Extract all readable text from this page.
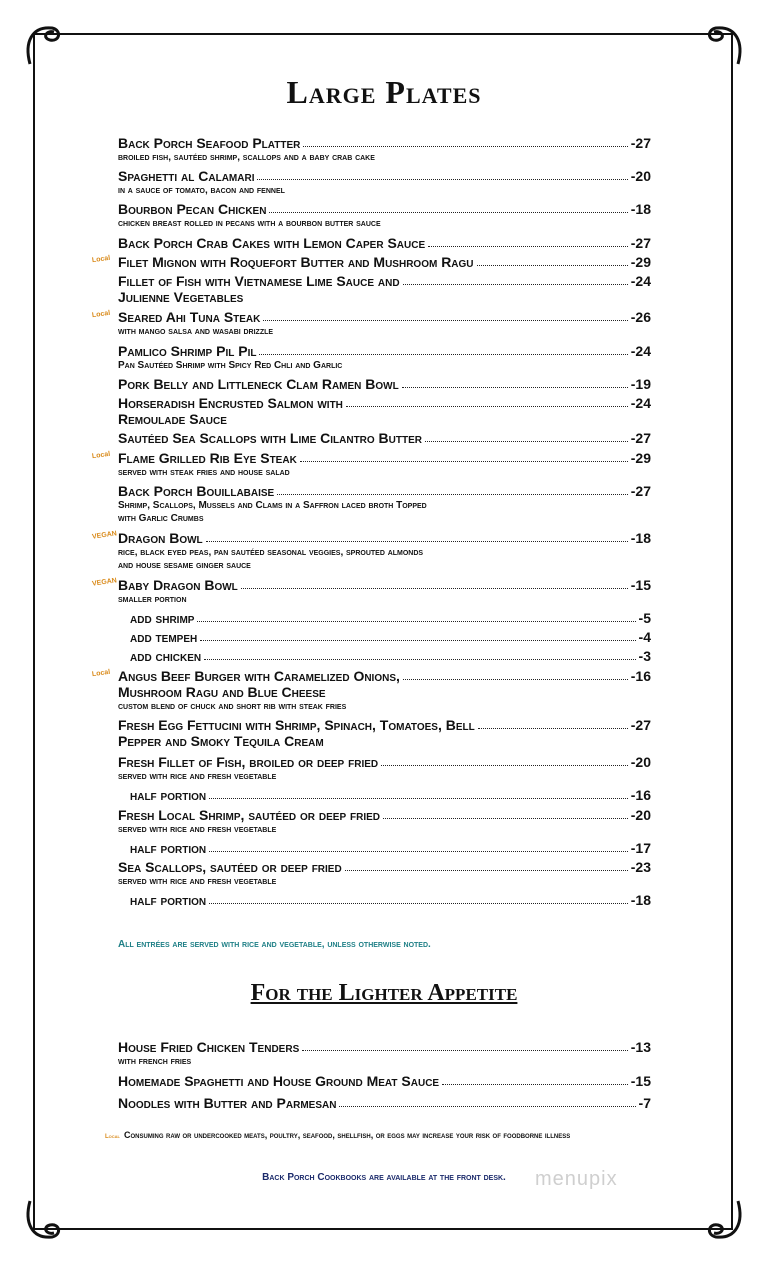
Large Plates
Back Porch Seafood Platter	-27
broiled fish, sautéed shrimp, scallops and a baby crab cake
Spaghetti al Calamari	-20
in a sauce of tomato, bacon and fennel
Bourbon Pecan Chicken	-18
chicken breast rolled in pecans with a bourbon butter sauce
Back Porch Crab Cakes with Lemon Caper Sauce	-27
Local Filet Mignon with Roquefort Butter and Mushroom Ragu	-29
Fillet of Fish with Vietnamese Lime Sauce and	-24
Julienne Vegetables
Local Seared Ahi Tuna Steak	-26
with mango salsa and wasabi drizzle
Pamlico Shrimp Pil Pil	-24
Pan Sautéed Shrimp with Spicy Red Chli and Garlic
Pork Belly and Littleneck Clam Ramen Bowl	-19
Horseradish Encrusted Salmon with	-24
Remoulade Sauce
Sautéed Sea Scallops with Lime Cilantro Butter	-27
Local Flame Grilled Rib Eye Steak	-29
served with steak fries and house salad
Back Porch Bouillabaise	-27
Shrimp, Scallops, Mussels and Clams in a Saffron laced broth Topped
with Garlic Crumbs
VEGAN Dragon Bowl	-18
rice, black eyed peas, pan sautéed seasonal veggies, sprouted almonds
and house sesame ginger sauce
VEGAN Baby Dragon Bowl	-15
smaller portion
add shrimp	-5
add tempeh	-4
add chicken	-3
Local Angus Beef Burger with Caramelized Onions,	-16
Mushroom Ragu and Blue Cheese
custom blend of chuck and short rib with steak fries
Fresh Egg Fettucini with Shrimp, Spinach, Tomatoes, Bell	-27
Pepper and Smoky Tequila Cream
Fresh Fillet of Fish, broiled or deep fried	-20
served with rice and fresh vegetable
half portion	-16
Fresh Local Shrimp, sautéed or deep fried	-20
served with rice and fresh vegetable
half portion	-17
Sea Scallops, sautéed or deep fried	-23
served with rice and fresh vegetable
half portion	-18
All entrées are served with rice and vegetable, unless otherwise noted.
For the Lighter Appetite
House Fried Chicken Tenders	-13
with french fries
Homemade Spaghetti and House Ground Meat Sauce	-15
Noodles with Butter and Parmesan	-7
Local Consuming raw or undercooked meats, poultry, seafood, shellfish, or eggs may increase your risk of foodborne illness
Back Porch Cookbooks are available at the front desk.	menupix
